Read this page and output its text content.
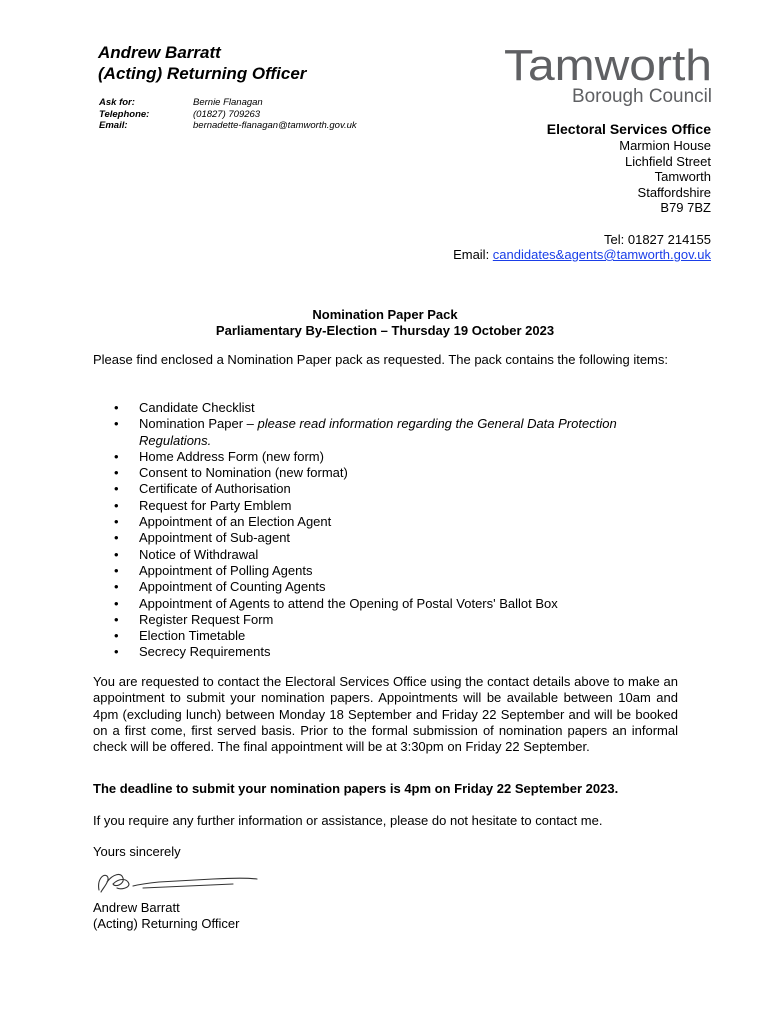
Andrew Barratt
(Acting) Returning Officer
Ask for:	Bernie Flanagan
Telephone:	(01827) 709263
Email:	bernadette-flanagan@tamworth.gov.uk
Tamworth
Borough Council
Electoral Services Office
Marmion House
Lichfield Street
Tamworth
Staffordshire
B79 7BZ
Tel: 01827 214155
Email: candidates&agents@tamworth.gov.uk
Nomination Paper Pack
Parliamentary By-Election – Thursday 19 October 2023
Please find enclosed a Nomination Paper pack as requested. The pack contains the following items:
• Candidate Checklist
• Nomination Paper – please read information regarding the General Data Protection Regulations.
• Home Address Form (new form)
• Consent to Nomination (new format)
• Certificate of Authorisation
• Request for Party Emblem
• Appointment of an Election Agent
• Appointment of Sub-agent
• Notice of Withdrawal
• Appointment of Polling Agents
• Appointment of Counting Agents
• Appointment of Agents to attend the Opening of Postal Voters' Ballot Box
• Register Request Form
• Election Timetable
• Secrecy Requirements
You are requested to contact the Electoral Services Office using the contact details above to make an appointment to submit your nomination papers. Appointments will be available between 10am and 4pm (excluding lunch) between Monday 18 September and Friday 22 September and will be booked on a first come, first served basis. Prior to the formal submission of nomination papers an informal check will be offered. The final appointment will be at 3:30pm on Friday 22 September.
The deadline to submit your nomination papers is 4pm on Friday 22 September 2023.
If you require any further information or assistance, please do not hesitate to contact me.
Yours sincerely
Andrew Barratt
(Acting) Returning Officer
